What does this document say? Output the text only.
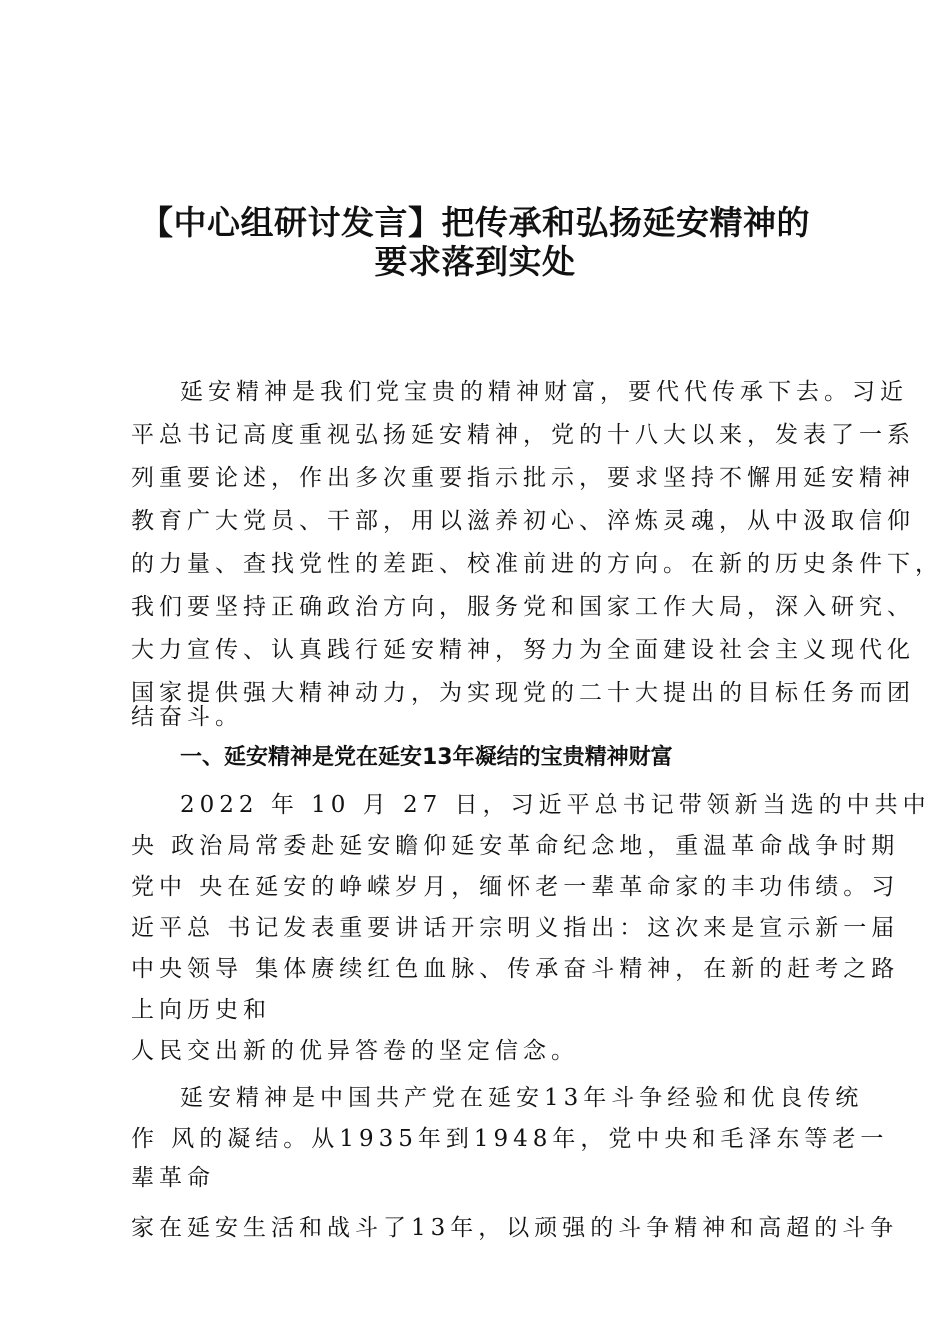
【中心组研讨发言】把传承和弘扬延安精神的
要求落到实处

延安精神是我们党宝贵的精神财富，要代代传承下去。习近

平总书记高度重视弘扬延安精神，党的十八大以来，发表了一系

列重要论述，作出多次重要指示批示，要求坚持不懈用延安精神

教育广大党员、干部，用以滋养初心、淬炼灵魂，从中汲取信仰

的力量、查找党性的差距、校准前进的方向。在新的历史条件下，

我们要坚持正确政治方向，服务党和国家工作大局，深入研究、

大力宣传、认真践行延安精神，努力为全面建设社会主义现代化

国家提供强大精神动力，为实现党的二十大提出的目标任务而团

结奋斗。

一、延安精神是党在延安13年凝结的宝贵精神财富

2022 年 10 月 27 日，习近平总书记带领新当选的中共中

央 政治局常委赴延安瞻仰延安革命纪念地，重温革命战争时期

党中 央在延安的峥嵘岁月，缅怀老一辈革命家的丰功伟绩。习

近平总 书记发表重要讲话开宗明义指出：这次来是宣示新一届

中央领导 集体赓续红色血脉、传承奋斗精神，在新的赶考之路

上向历史和

人民交出新的优异答卷的坚定信念。

延安精神是中国共产党在延安13年斗争经验和优良传统

作 风的凝结。从1935年到1948年，党中央和毛泽东等老一

辈革命

家在延安生活和战斗了13年，以顽强的斗争精神和高超的斗争
